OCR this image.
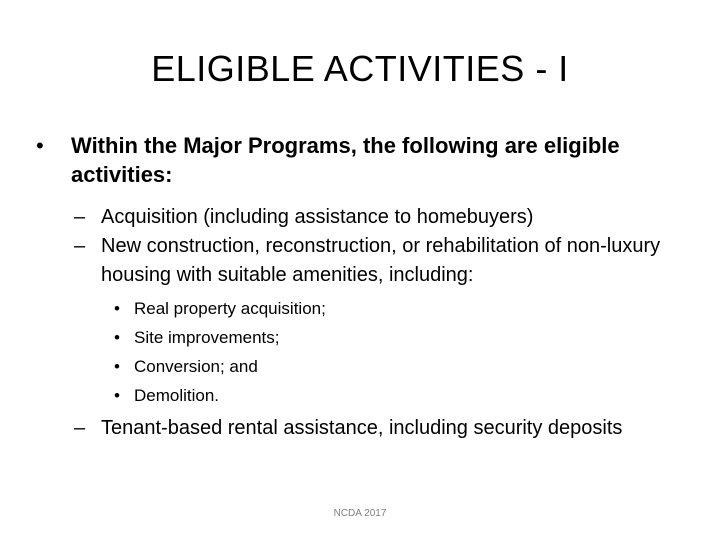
ELIGIBLE ACTIVITIES - I
• Within the Major Programs, the following are eligible activities:
– Acquisition (including assistance to homebuyers)
– New construction, reconstruction, or rehabilitation of non-luxury housing with suitable amenities, including:
• Real property acquisition;
• Site improvements;
• Conversion; and
• Demolition.
– Tenant-based rental assistance, including security deposits
NCDA 2017
